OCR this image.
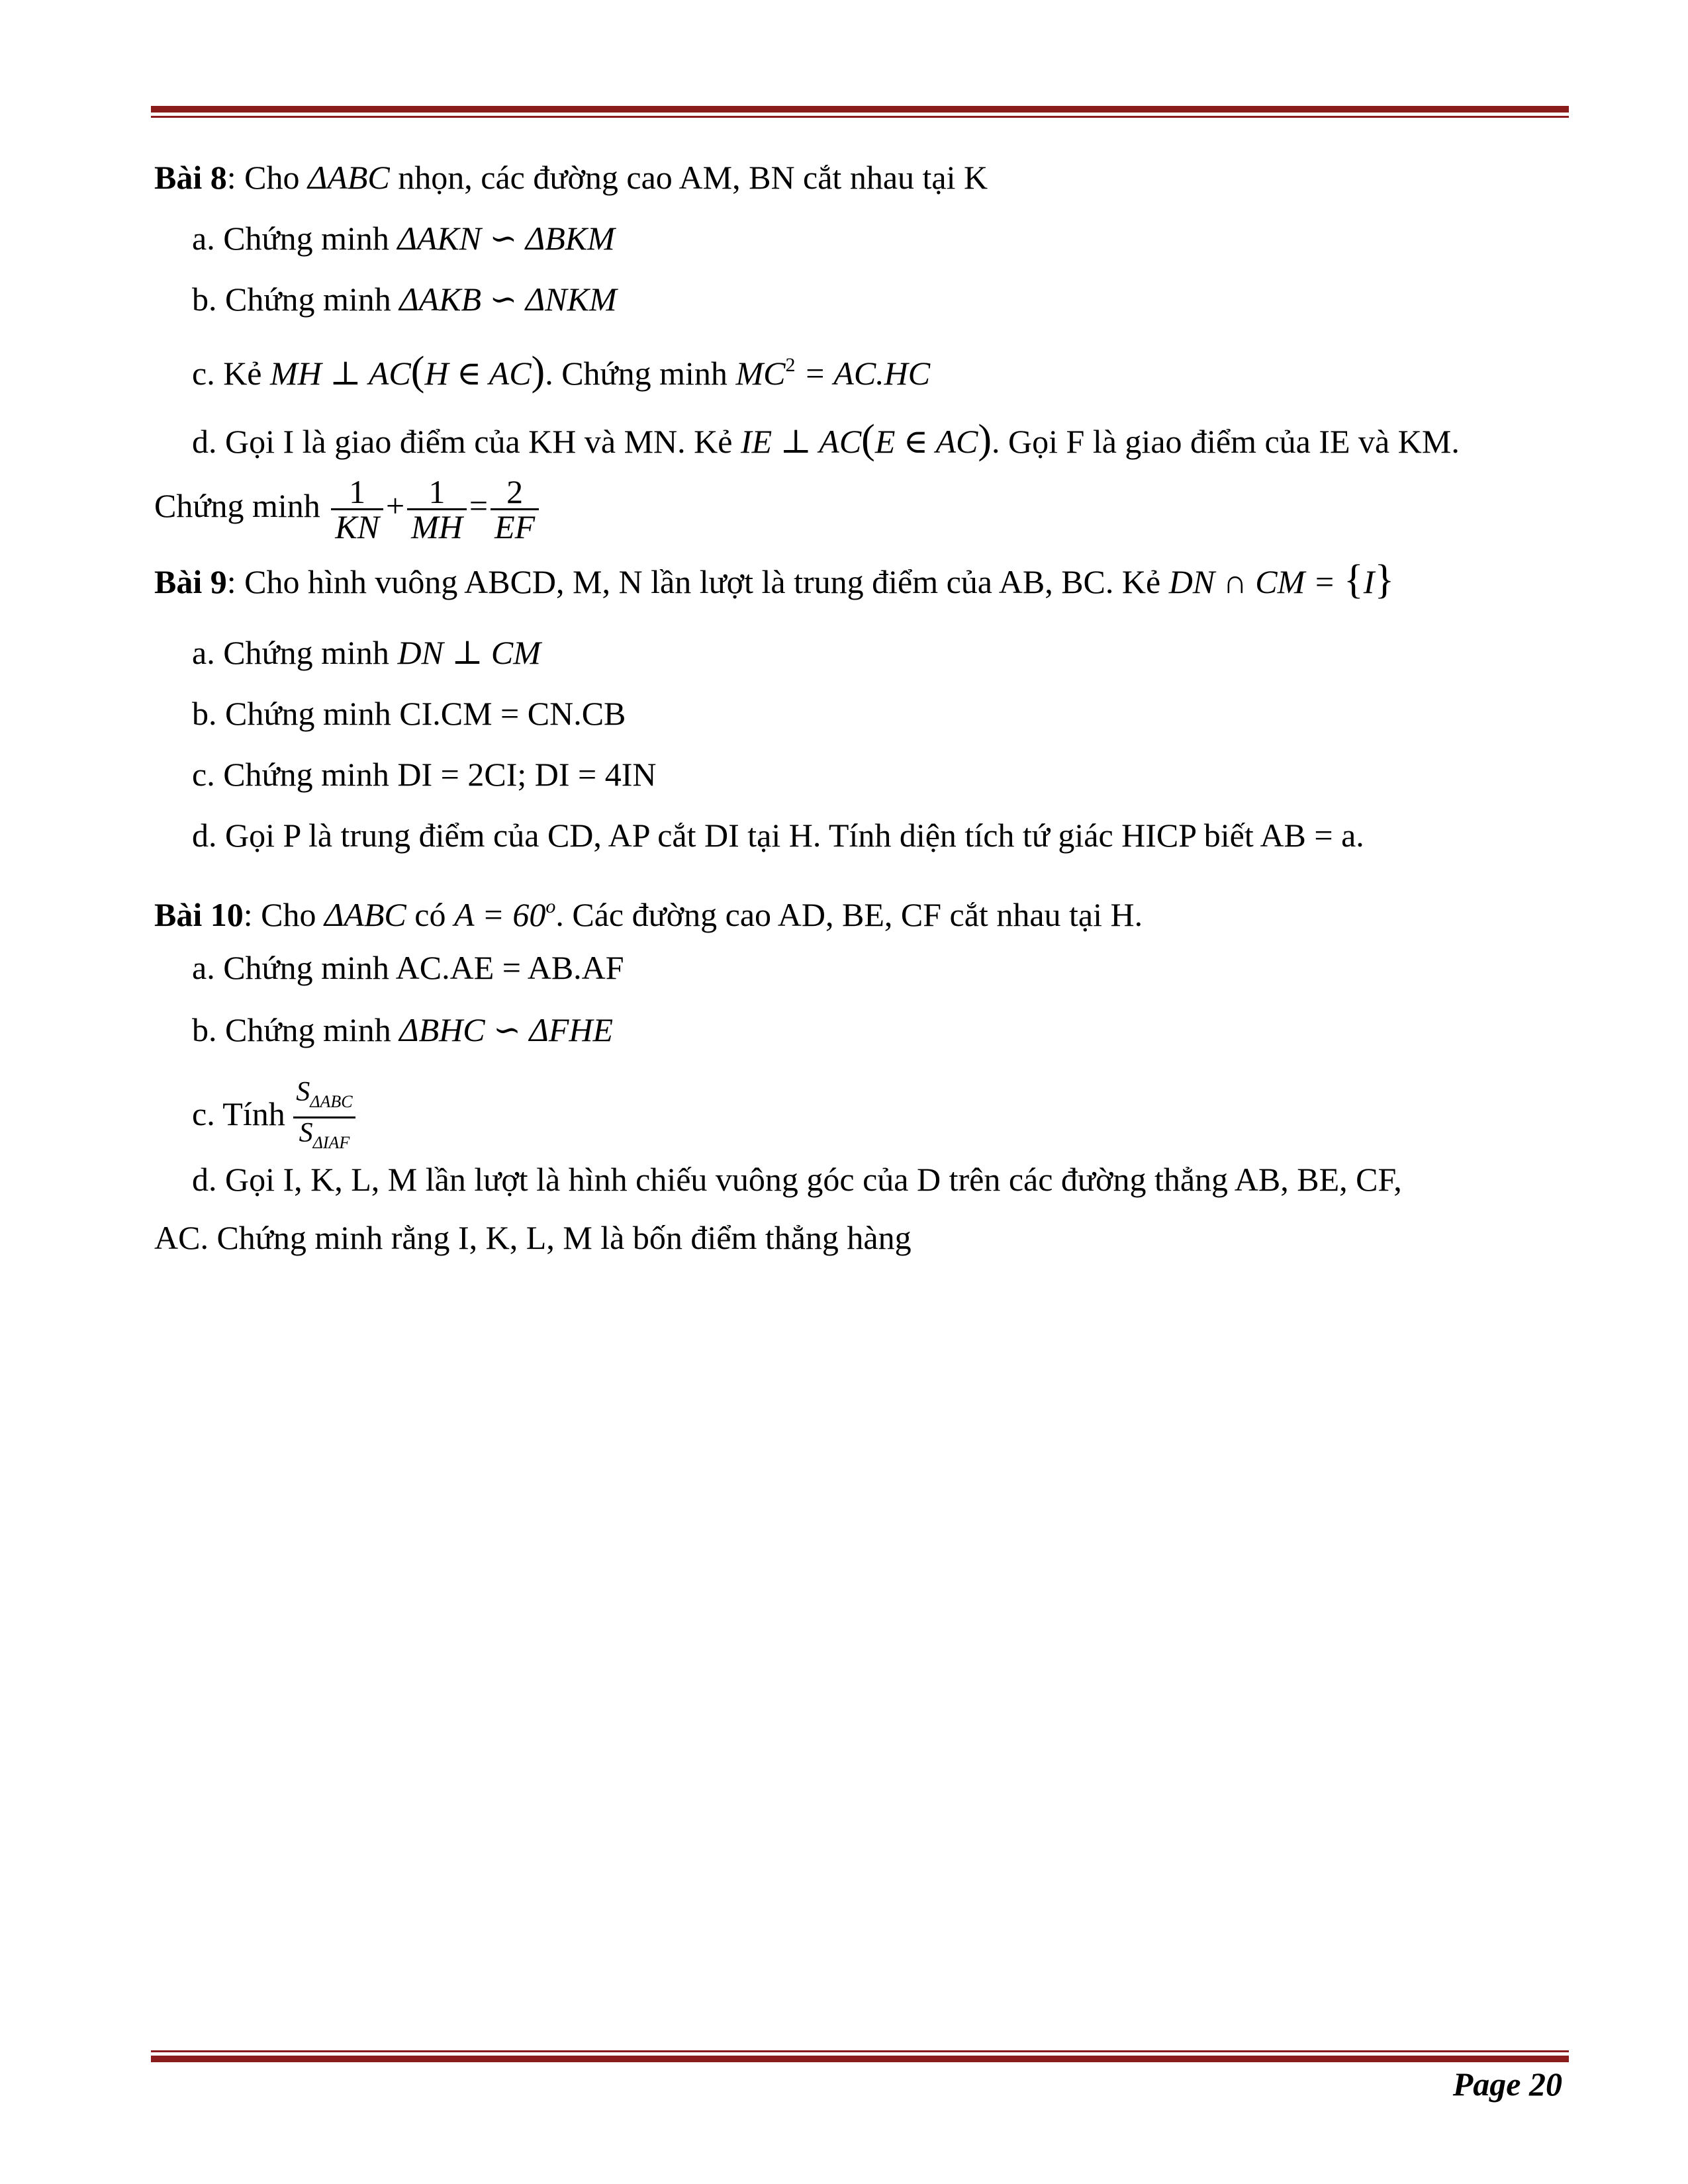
Bài 8: Cho ΔABC nhọn, các đường cao AM, BN cắt nhau tại K
a. Chứng minh ΔAKN ∽ ΔBKM
b. Chứng minh ΔAKB ∽ ΔNKM
c. Kẻ MH ⊥ AC(H ∈ AC). Chứng minh $MC^2 = AC.HC$
d. Gọi I là giao điểm của KH và MN. Kẻ IE ⊥ AC(E ∈ AC). Gọi F là giao điểm của IE và KM.
Chứng minh $\frac{1}{KN} + \frac{1}{MH} = \frac{2}{EF}$
Bài 9: Cho hình vuông ABCD, M, N lần lượt là trung điểm của AB, BC. Kẻ DN ∩ CM = {I}
a. Chứng minh DN ⊥ CM
b. Chứng minh CI.CM = CN.CB
c. Chứng minh DI = 2CI; DI = 4IN
d. Gọi P là trung điểm của CD, AP cắt DI tại H. Tính diện tích tứ giác HICP biết AB = a.
Bài 10: Cho ΔABC có $A = 60^o$. Các đường cao AD, BE, CF cắt nhau tại H.
a. Chứng minh AC.AE = AB.AF
b. Chứng minh ΔBHC ∽ ΔFHE
c. Tính
$S_{\Delta ABC}$
$S_{\Delta IAF}$
d. Gọi I, K, L, M lần lượt là hình chiếu vuông góc của D trên các đường thẳng AB, BE, CF,
AC. Chứng minh rằng I, K, L, M là bốn điểm thẳng hàng
Page 20
